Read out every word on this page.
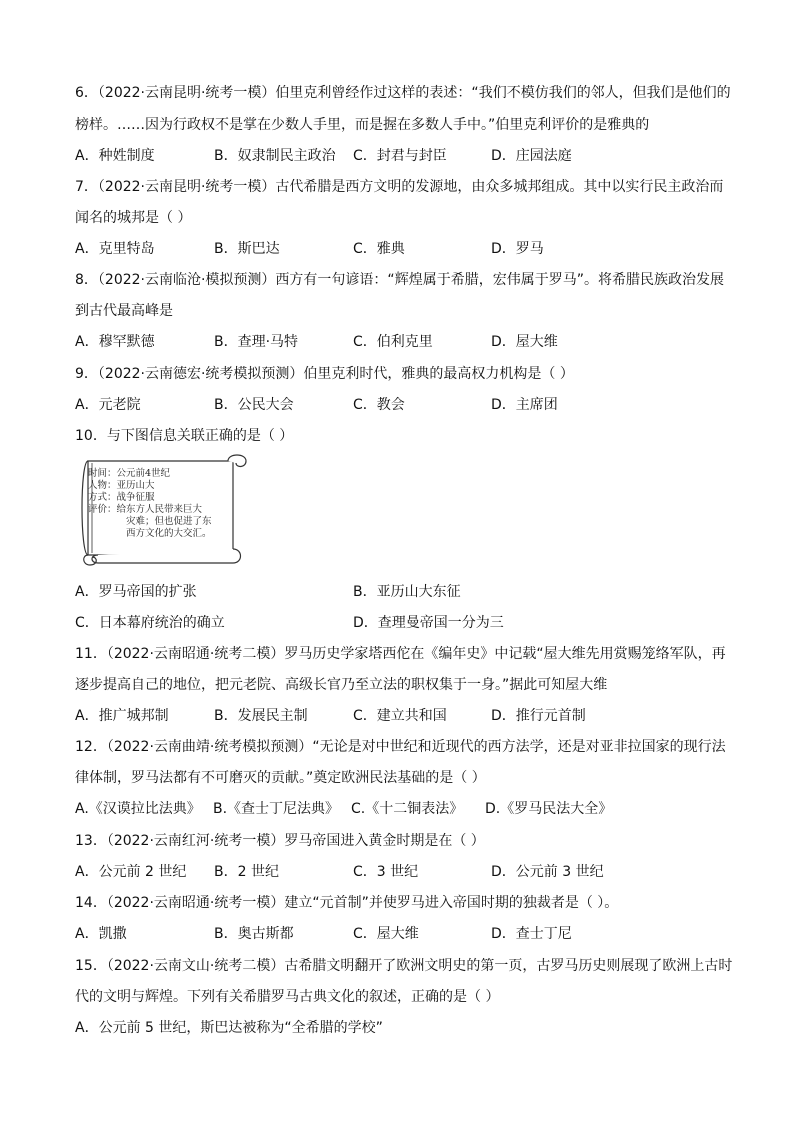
6．（2022·云南昆明·统考一模）伯里克利曾经作过这样的表述：“我们不模仿我们的邻人，但我们是他们的
榜样。……因为行政权不是掌在少数人手里，而是握在多数人手中。”伯里克利评价的是雅典的
A．种姓制度	B．奴隶制民主政治 C．封君与封臣	D．庄园法庭
7．（2022·云南昆明·统考一模）古代希腊是西方文明的发源地，由众多城邦组成。其中以实行民主政治而
闻名的城邦是（ ）
A．克里特岛	B．斯巴达	C．雅典	D．罗马
8．（2022·云南临沧·模拟预测）西方有一句谚语：“辉煌属于希腊，宏伟属于罗马”。将希腊民族政治发展
到古代最高峰是
A．穆罕默德	B．查理·马特	C．伯利克里	D．屋大维
9．（2022·云南德宏·统考模拟预测）伯里克利时代，雅典的最高权力机构是（ ）
A．元老院	B．公民大会	C．教会	D．主席团
10．与下图信息关联正确的是（ ）
时间：公元前4世纪
人物：亚历山大
方式：战争征服
评价：给东方人民带来巨大
灾难；但也促进了东
西方文化的大交汇。
A．罗马帝国的扩张	B．亚历山大东征
C．日本幕府统治的确立	D．查理曼帝国一分为三
11．（2022·云南昭通·统考二模）罗马历史学家塔西佗在《编年史》中记载“屋大维先用赏赐笼络军队，再
逐步提高自己的地位，把元老院、高级长官乃至立法的职权集于一身。”据此可知屋大维
A．推广城邦制	B．发展民主制	C．建立共和国	D．推行元首制
12．（2022·云南曲靖·统考模拟预测）“无论是对中世纪和近现代的西方法学，还是对亚非拉国家的现行法
律体制，罗马法都有不可磨灭的贡献。”奠定欧洲民法基础的是（ ）
A.《汉谟拉比法典》 B.《查士丁尼法典》 C.《十二铜表法》 D.《罗马民法大全》
13．（2022·云南红河·统考一模）罗马帝国进入黄金时期是在（ ）
A．公元前 2 世纪 B．2 世纪	C．3 世纪	D．公元前 3 世纪
14．（2022·云南昭通·统考一模）建立“元首制”并使罗马进入帝国时期的独裁者是（ ）。
A．凯撒	B．奥古斯都	C．屋大维	D．查士丁尼
15．（2022·云南文山·统考二模）古希腊文明翻开了欧洲文明史的第一页，古罗马历史则展现了欧洲上古时
代的文明与辉煌。下列有关希腊罗马古典文化的叙述，正确的是（ ）
A．公元前 5 世纪，斯巴达被称为“全希腊的学校”
